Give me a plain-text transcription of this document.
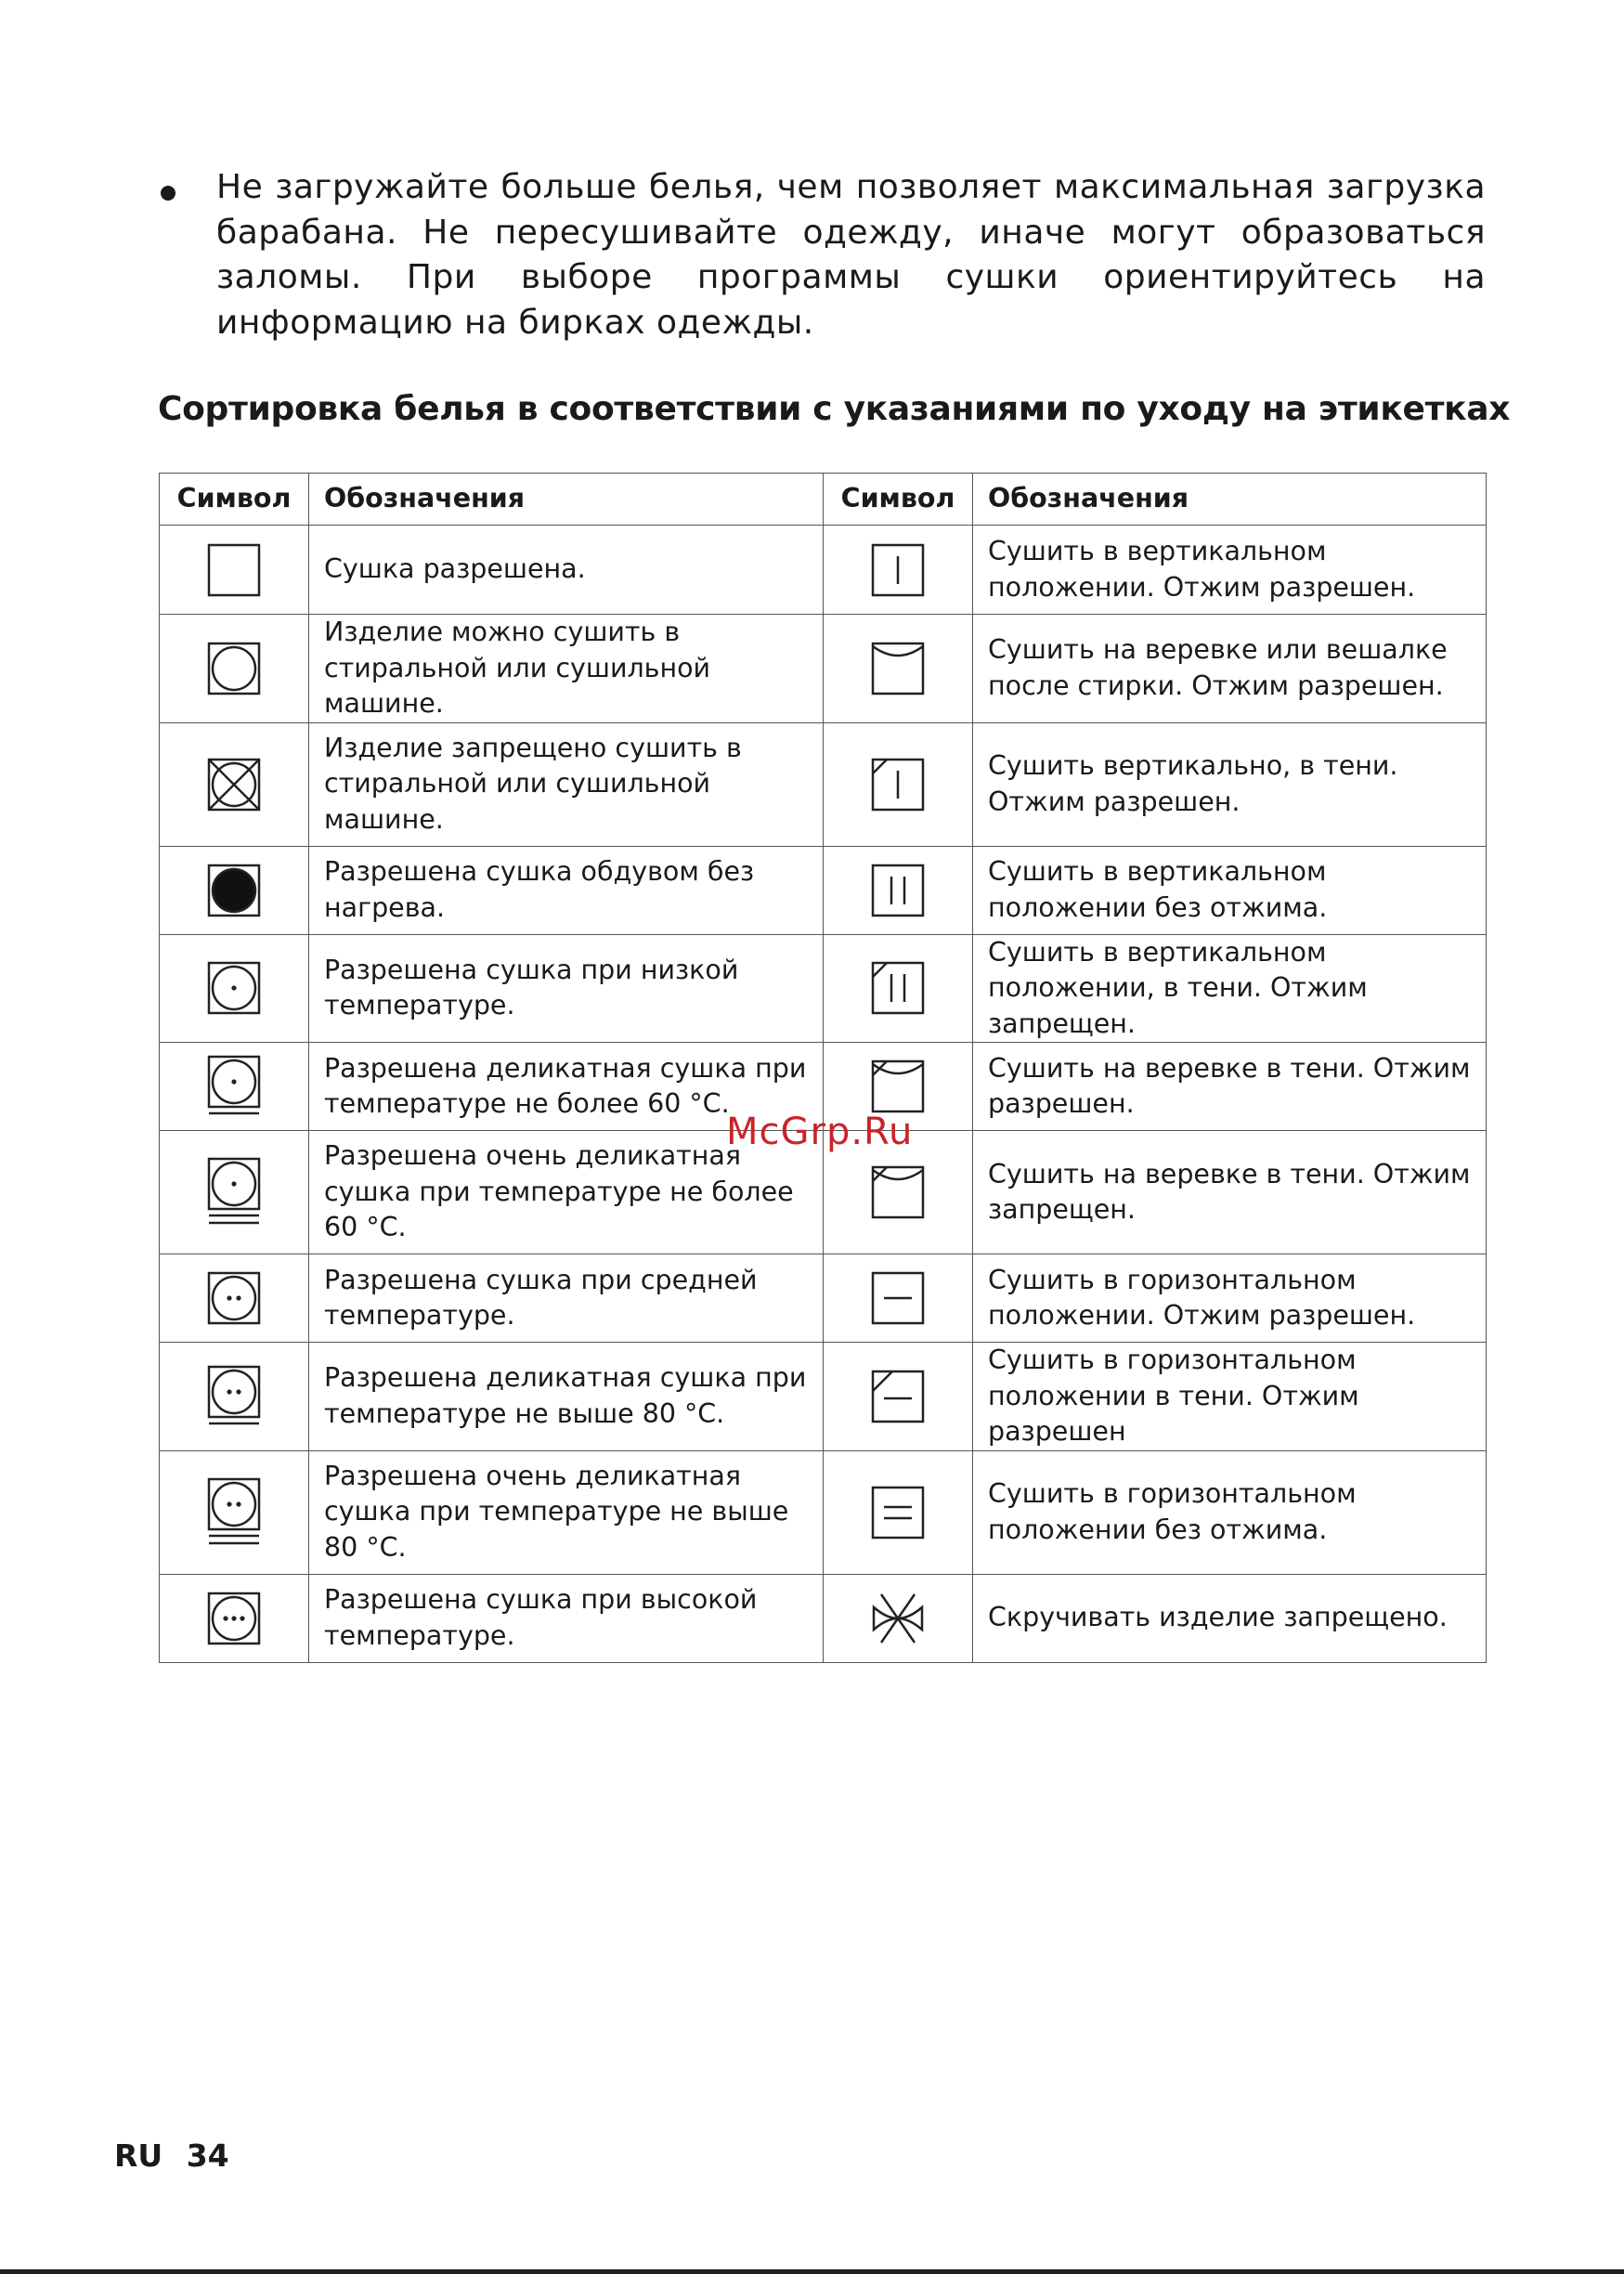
Не загружайте больше белья, чем позволяет максимальная загрузка барабана. Не пересушивайте одежду, иначе могут образоваться заломы. При выборе программы сушки ориентируйтесь на информацию на бирках одежды.
Сортировка белья в соответствии с указаниями по уходу на этикетках
Символ	Обозначения	Символ	Обозначения

Сушка разрешена.		Сушить в вертикальном положении. Отжим разрешен.

Изделие можно сушить в стиральной или сушильной машине.		Сушить на веревке или вешалке после стирки. Отжим разрешен.

Изделие запрещено сушить в стиральной или сушильной машине.		Сушить вертикально, в тени. Отжим разрешен.

Разрешена сушка обдувом без нагрева.		Сушить в вертикальном положении без отжима.

Разрешена сушка при низкой температуре.		Сушить в вертикальном положении, в тени. Отжим запрещен.

Разрешена деликатная сушка при температуре не более 60 °C.		Сушить на веревке в тени. Отжим разрешен.

Разрешена очень деликатная сушка при температуре не более 60 °C.		Сушить на веревке в тени. Отжим запрещен.

Разрешена сушка при средней температуре.		Сушить в горизонтальном положении. Отжим разрешен.

Разрешена деликатная сушка при температуре не выше 80 °C.		Сушить в горизонтальном положении в тени. Отжим разрешен

Разрешена очень деликатная сушка при температуре не выше 80 °C.		Сушить в горизонтальном положении без отжима.

Разрешена сушка при высокой температуре.		Скручивать изделие запрещено.
McGrp.Ru
RU 34
